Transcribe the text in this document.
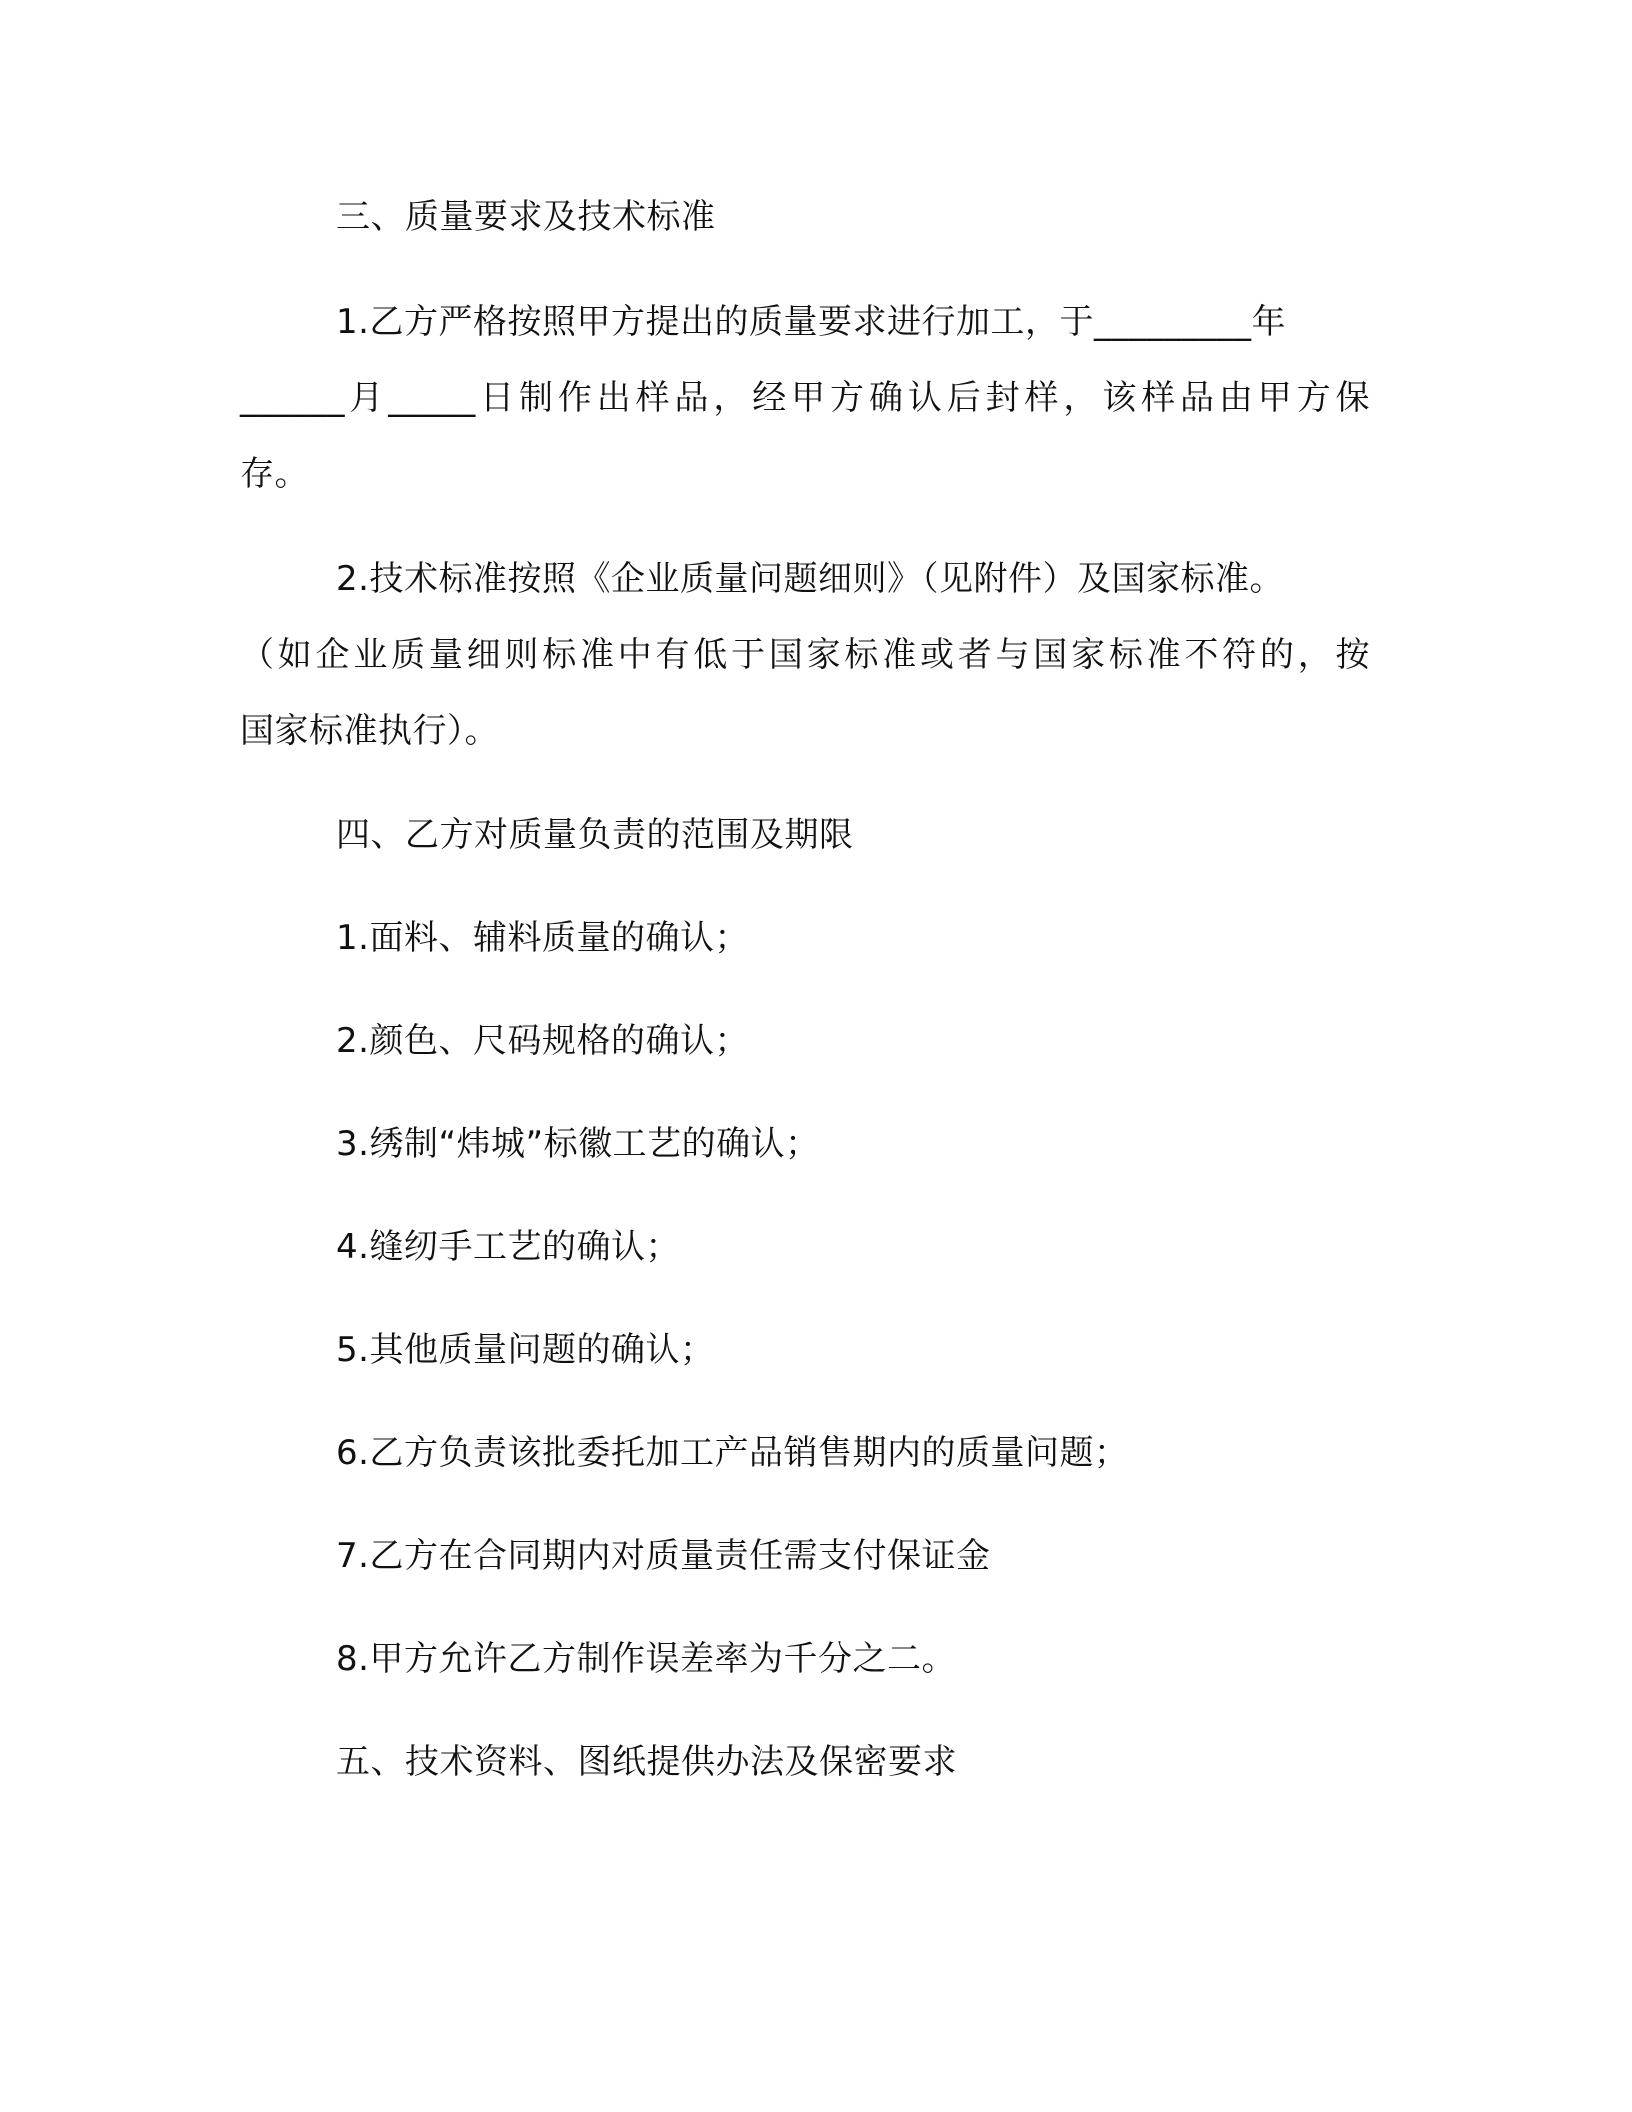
三、质量要求及技术标准
1.乙方严格按照甲方提出的质量要求进行加工，于_________年
______月_____日制作出样品，经甲方确认后封样，该样品由甲方保
存。
2.技术标准按照《企业质量问题细则》（见附件）及国家标准。
（如企业质量细则标准中有低于国家标准或者与国家标准不符的，按
国家标准执行）。
四、乙方对质量负责的范围及期限
1.面料、辅料质量的确认；
2.颜色、尺码规格的确认；
3.绣制“炜城”标徽工艺的确认；
4.缝纫手工艺的确认；
5.其他质量问题的确认；
6.乙方负责该批委托加工产品销售期内的质量问题；
7.乙方在合同期内对质量责任需支付保证金
8.甲方允许乙方制作误差率为千分之二。
五、技术资料、图纸提供办法及保密要求
